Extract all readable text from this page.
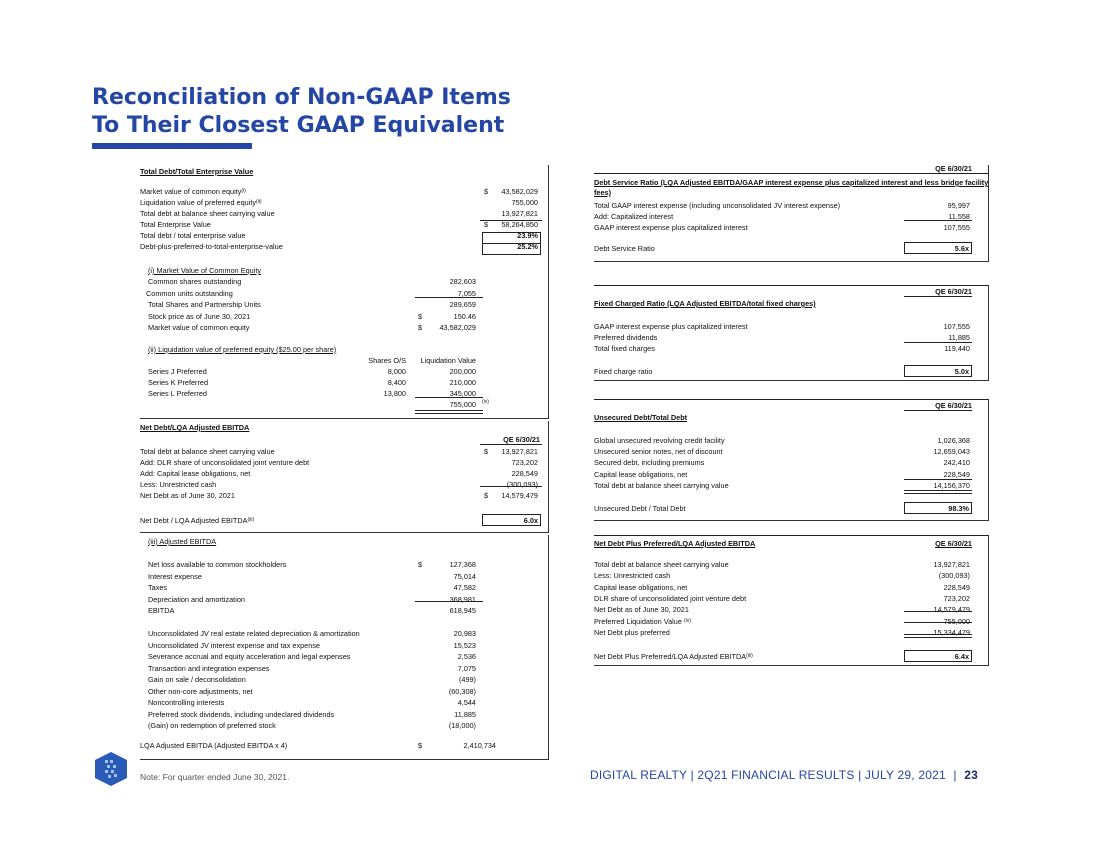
Reconciliation of Non-GAAP Items
To Their Closest GAAP Equivalent
Total Debt/Total Enterprise Value
Market value of common equity$^{(i)}$	$	43,582,029
Liquidation value of preferred equity$^{(ii)}$	755,000
Total debt at balance sheet carrying value	13,927,821
Total Enterprise Value	$	58,264,850
Total debt / total enterprise value	23.9%
Debt-plus-preferred-to-total-enterprise-value	25.2%
(i) Market Value of Common Equity
Common shares outstanding	282,603
Common units outstanding	7,055
Total Shares and Partnership Units	289,659
Stock price as of June 30, 2021	$	150.46
Market value of common equity	$	43,582,029
(ii) Liquidation value of preferred equity ($25.00 per share)
Shares O/S	Liquidation Value
Series J Preferred	8,000	200,000
Series K Preferred	8,400	210,000
Series L Preferred	13,800	345,000
755,000 (iv)
Net Debt/LQA Adjusted EBITDA
QE 6/30/21
Total debt at balance sheet carrying value	$	13,927,821
Add: DLR share of unconsolidated joint venture debt	723,202
Add: Capital lease obligations, net	228,549
Less: Unrestricted cash	(300,093)
Net Debt as of June 30, 2021	$	14,579,479
Net Debt / LQA Adjusted EBITDA$^{(iii)}$	6.0x
(iii) Adjusted EBITDA
Net loss available to common stockholders	$	127,368
Interest expense	75,014
Taxes	47,582
Depreciation and amortization	368,981
EBITDA	618,945
Unconsolidated JV real estate related depreciation & amortization	20,983
Unconsolidated JV interest expense and tax expense	15,523
Severance accrual and equity acceleration and legal expenses	2,536
Transaction and integration expenses	7,075
Gain on sale / deconsolidation	(499)
Other non-core adjustments, net	(60,308)
Noncontrolling interests	4,544
Preferred stock dividends, including undeclared dividends	11,885
(Gain) on redemption of preferred stock	(18,000)
LQA Adjusted EBITDA (Adjusted EBITDA x 4)	$	2,410,734
QE 6/30/21
Debt Service Ratio (LQA Adjusted EBITDA/GAAP interest expense plus capitalized interest and less bridge facility
fees)
Total GAAP interest expense (including unconsolidated JV interest expense)	95,997
Add: Capitalized interest	11,558
GAAP interest expense plus capitalized interest	107,555
Debt Service Ratio	5.6x
QE 6/30/21
Fixed Charged Ratio (LQA Adjusted EBITDA/total fixed charges)
GAAP interest expense plus capitalized interest	107,555
Preferred dividends	11,885
Total fixed charges	119,440
Fixed charge ratio	5.0x
QE 6/30/21
Unsecured Debt/Total Debt
Global unsecured revolving credit facility	1,026,368
Unsecured senior notes, net of discount	12,659,043
Secured debt, including premiums	242,410
Capital lease obligations, net	228,549
Total debt at balance sheet carrying value	14,156,370
Unsecured Debt / Total Debt	98.3%
Net Debt Plus Preferred/LQA Adjusted EBITDA	QE 6/30/21
Total debt at balance sheet carrying value	13,927,821
Less: Unrestricted cash	(300,093)
Capital lease obligations, net	228,549
DLR share of unconsolidated joint venture debt	723,202
Net Debt as of June 30, 2021	14,579,479
Preferred Liquidation Value $^{(iv)}$	755,000
Net Debt plus preferred	15,334,479
Net Debt Plus Preferred/LQA Adjusted EBITDA$^{(iii)}$	6.4x
Note: For quarter ended June 30, 2021.	DIGITAL REALTY | 2Q21 FINANCIAL RESULTS | JULY 29, 2021 | 23
